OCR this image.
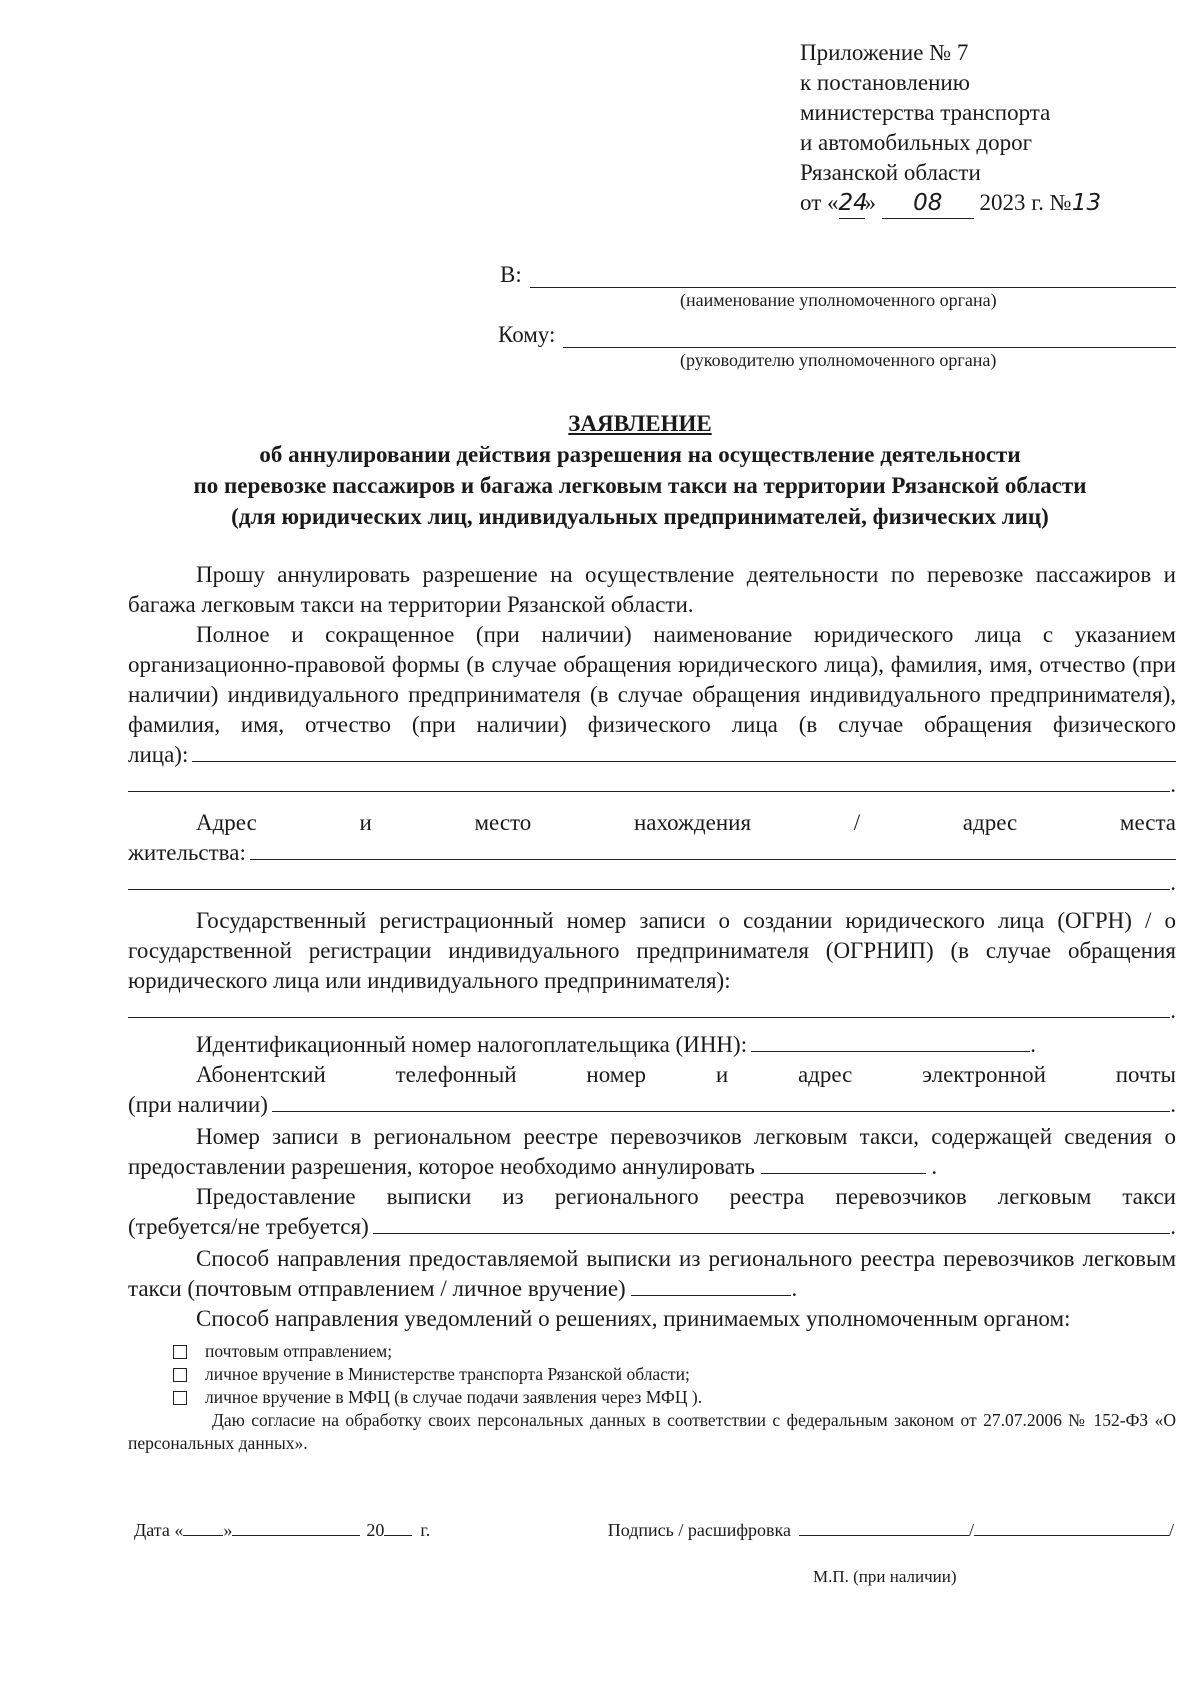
Приложение № 7
к постановлению
министерства транспорта
и автомобильных дорог
Рязанской области
от «24» 08 2023 г. №13
В:
(наименование уполномоченного органа)
Кому:
(руководителю уполномоченного органа)
ЗАЯВЛЕНИЕ
об аннулировании действия разрешения на осуществление деятельности
по перевозке пассажиров и багажа легковым такси на территории Рязанской области
(для юридических лиц, индивидуальных предпринимателей, физических лиц)

Прошу аннулировать разрешение на осуществление деятельности по перевозке пассажиров и багажа легковым такси на территории Рязанской области.

Полное и сокращенное (при наличии) наименование юридического лица с указанием организационно-правовой формы (в случае обращения юридического лица), фамилия, имя, отчество (при наличии) индивидуального предпринимателя (в случае обращения индивидуального предпринимателя), фамилия, имя, отчество (при наличии) физического лица (в случае обращения физического

лица):
.

Адрес и место нахождения / адрес места

жительства:
.

Государственный регистрационный номер записи о создании юридического лица (ОГРН) / о государственной регистрации индивидуального предпринимателя (ОГРНИП) (в случае обращения юридического лица или индивидуального предпринимателя):

.
Идентификационный номер налогоплательщика (ИНН):	.

Абонентский телефонный номер и адрес электронной почты

(при наличии)	.

Номер записи в региональном реестре перевозчиков легковым такси, содержащей сведения о предоставлении разрешения, которое необходимо аннулировать	.

Предоставление выписки из регионального реестра перевозчиков легковым такси

(требуется/не требуется)	.

Способ направления предоставляемой выписки из регионального реестра перевозчиков легковым такси (почтовым отправлением / личное вручение)	.

Способ направления уведомлений о решениях, принимаемых уполномоченным органом:

почтовым отправлением;
личное вручение в Министерстве транспорта Рязанской области;
личное вручение в МФЦ (в случае подачи заявления через МФЦ ).

Даю согласие на обработку своих персональных данных в соответствии с федеральным законом от 27.07.2006 № 152-ФЗ «О персональных данных».

Дата « »	20 г.	Подпись / расшифровка	/	/
М.П. (при наличии)
